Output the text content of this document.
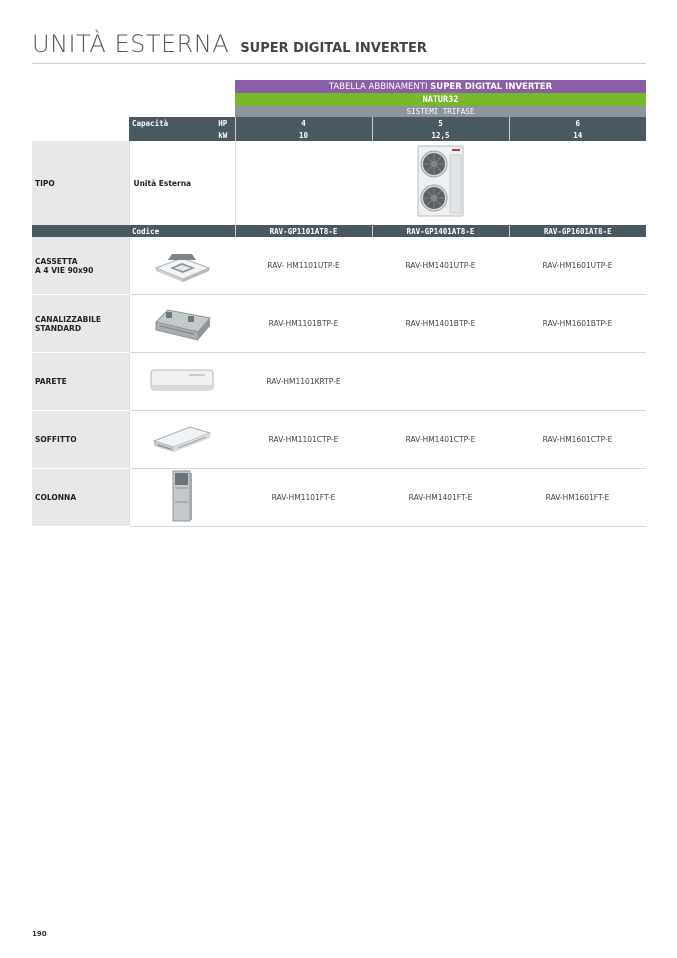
UNITÀ ESTERNA SUPER DIGITAL INVERTER
			TABELLA ABBINAMENTI SUPER DIGITAL INVERTER		
			NATUR32		
			SISTEMI TRIFASE		
	Capacità	HP	4	5	6
		kW	10	12,5	14
TIPO	Unità Esterna	
	Codice		RAV-GP1101AT8-E	RAV-GP1401AT8-E	RAV-GP1601AT8-E

CASSETTA
A 4 VIE 90x90			RAV- HM1101UTP-E	RAV-HM1401UTP-E	RAV-HM1601UTP-E

CANALIZZABILE
STANDARD			RAV-HM1101BTP-E	RAV-HM1401BTP-E	RAV-HM1601BTP-E

PARETE			RAV-HM1101KRTP-E		

SOFFITTO			RAV-HM1101CTP-E	RAV-HM1401CTP-E	RAV-HM1601CTP-E

COLONNA			RAV-HM1101FT-E	RAV-HM1401FT-E	RAV-HM1601FT-E
190
